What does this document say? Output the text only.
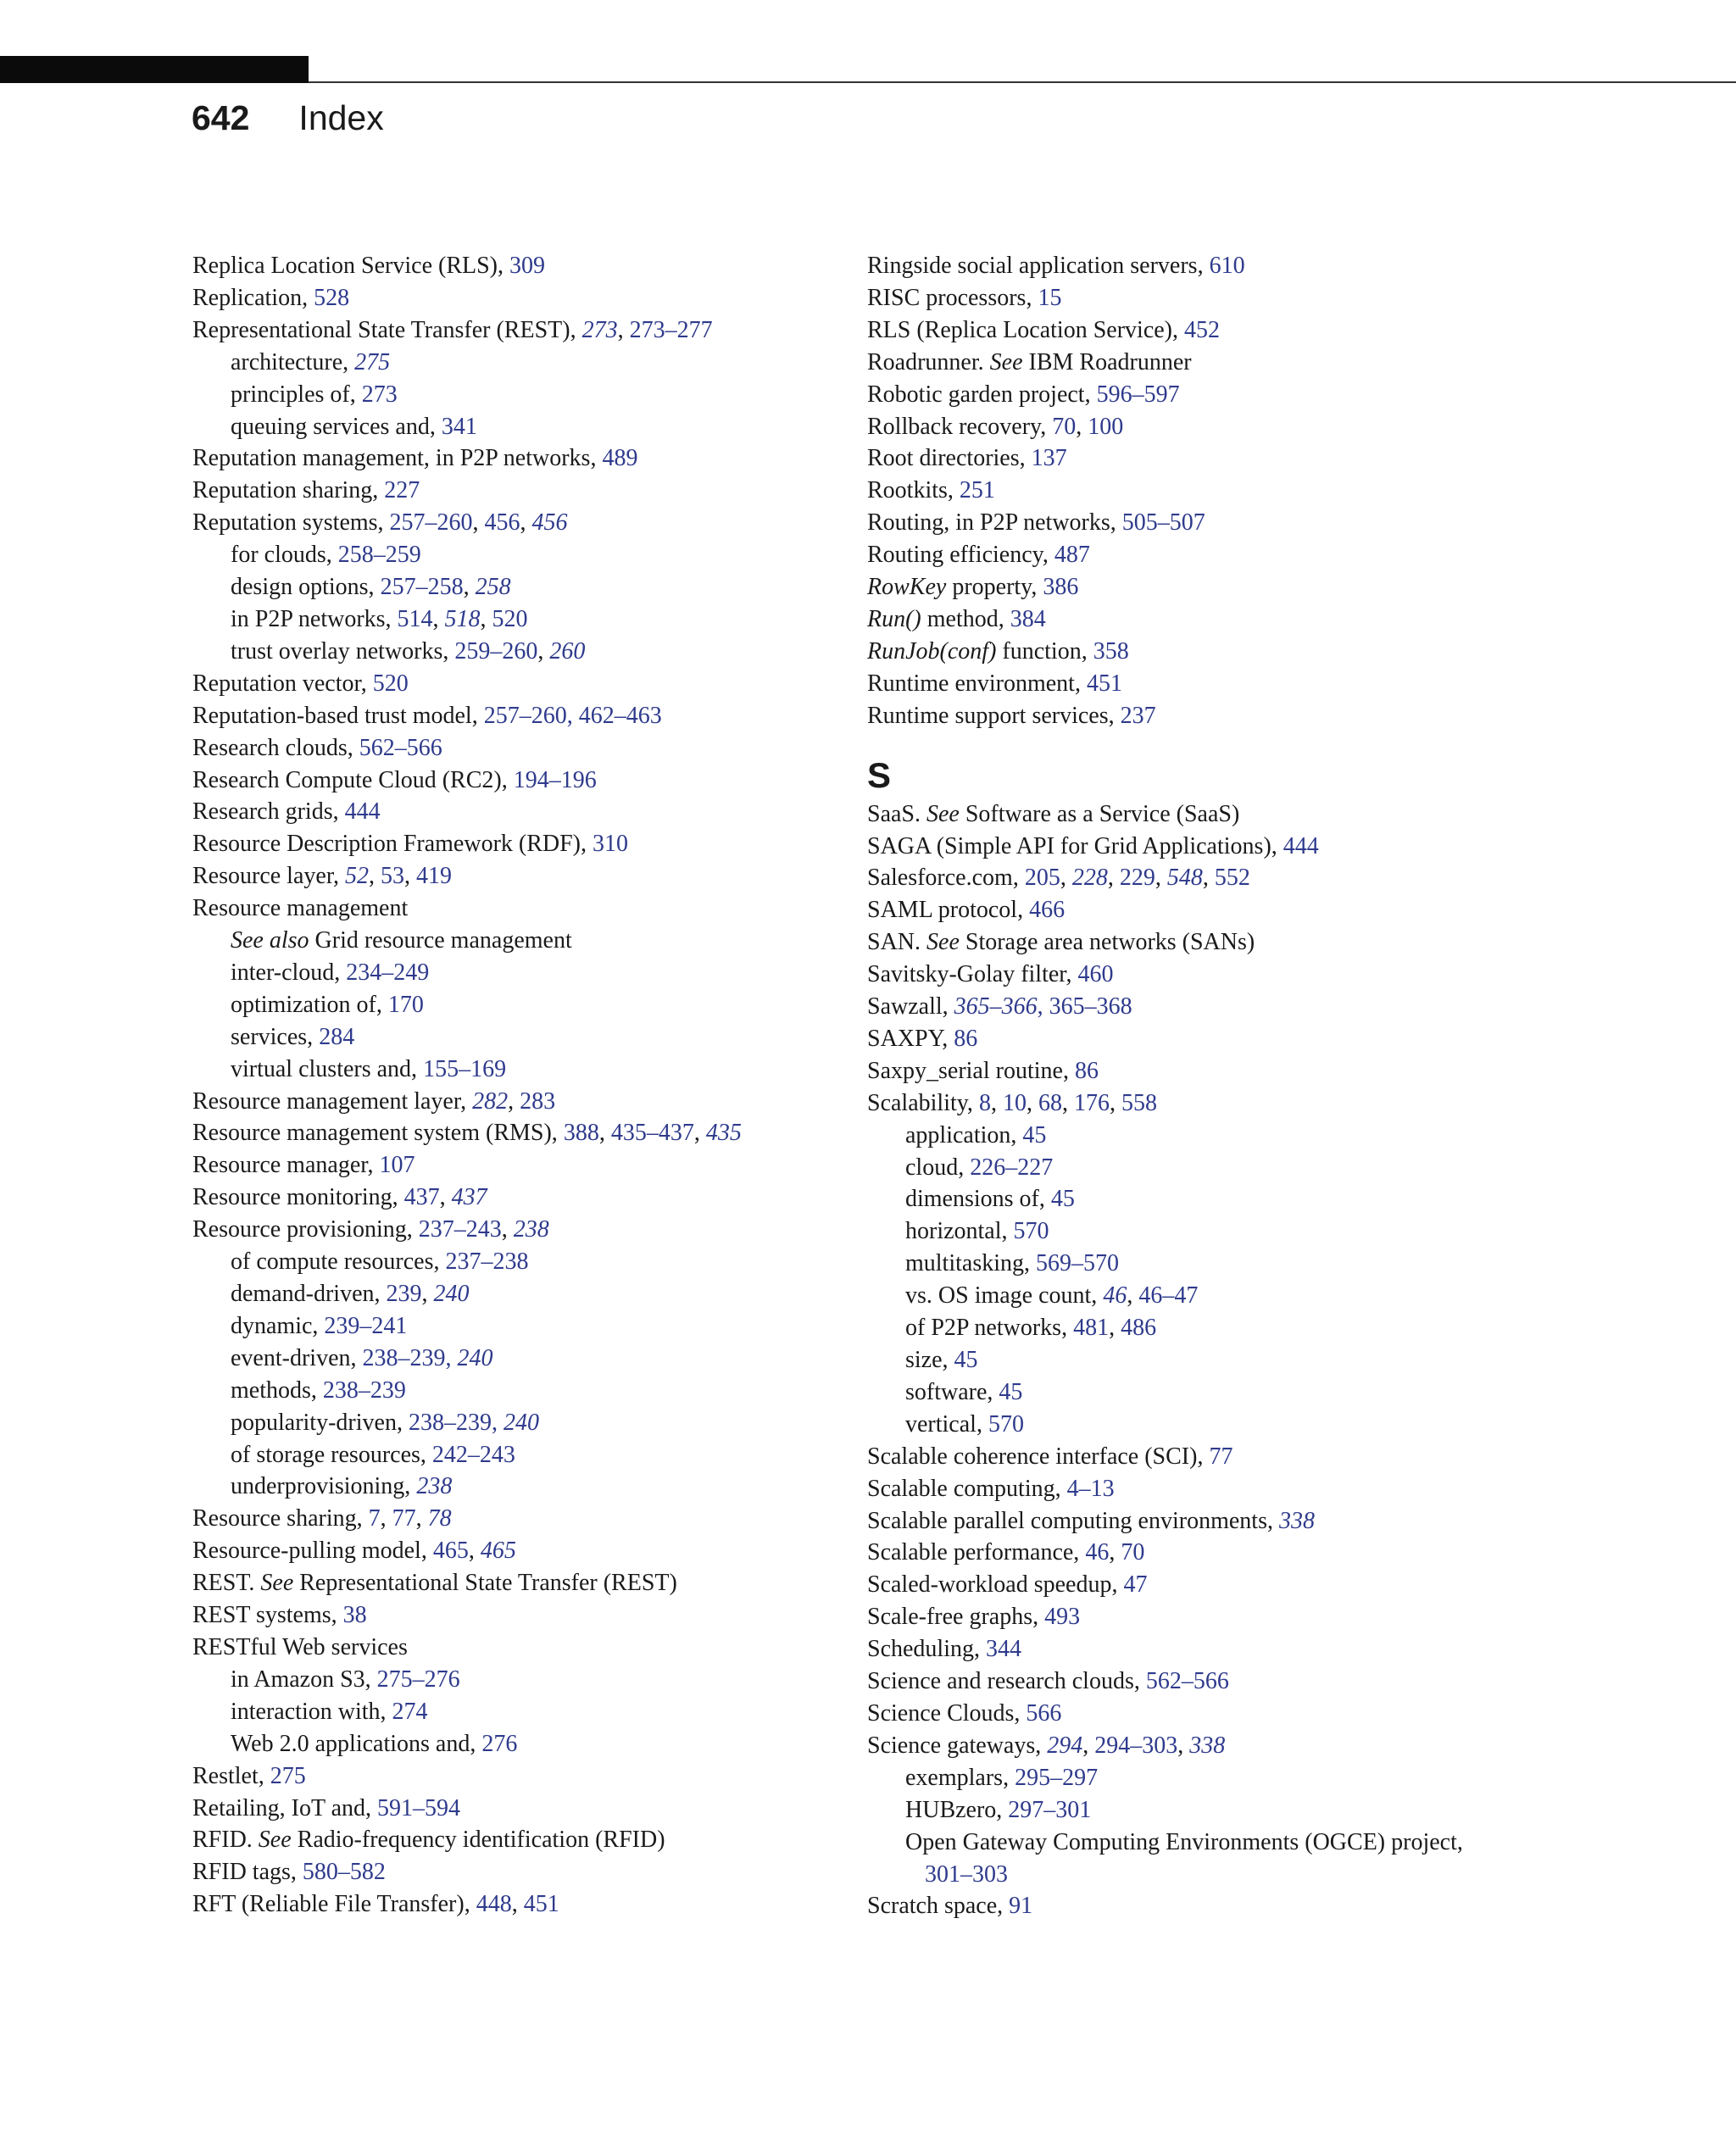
642 Index
Replica Location Service (RLS), 309
Replication, 528
Representational State Transfer (REST), 273, 273–277
architecture, 275
principles of, 273
queuing services and, 341
Reputation management, in P2P networks, 489
Reputation sharing, 227
Reputation systems, 257–260, 456, 456
for clouds, 258–259
design options, 257–258, 258
in P2P networks, 514, 518, 520
trust overlay networks, 259–260, 260
Reputation vector, 520
Reputation-based trust model, 257–260, 462–463
Research clouds, 562–566
Research Compute Cloud (RC2), 194–196
Research grids, 444
Resource Description Framework (RDF), 310
Resource layer, 52, 53, 419
Resource management
See also Grid resource management
inter-cloud, 234–249
optimization of, 170
services, 284
virtual clusters and, 155–169
Resource management layer, 282, 283
Resource management system (RMS), 388, 435–437, 435
Resource manager, 107
Resource monitoring, 437, 437
Resource provisioning, 237–243, 238
of compute resources, 237–238
demand-driven, 239, 240
dynamic, 239–241
event-driven, 238–239, 240
methods, 238–239
popularity-driven, 238–239, 240
of storage resources, 242–243
underprovisioning, 238
Resource sharing, 7, 77, 78
Resource-pulling model, 465, 465
REST. See Representational State Transfer (REST)
REST systems, 38
RESTful Web services
in Amazon S3, 275–276
interaction with, 274
Web 2.0 applications and, 276
Restlet, 275
Retailing, IoT and, 591–594
RFID. See Radio-frequency identification (RFID)
RFID tags, 580–582
RFT (Reliable File Transfer), 448, 451
Ringside social application servers, 610
RISC processors, 15
RLS (Replica Location Service), 452
Roadrunner. See IBM Roadrunner
Robotic garden project, 596–597
Rollback recovery, 70, 100
Root directories, 137
Rootkits, 251
Routing, in P2P networks, 505–507
Routing efficiency, 487
RowKey property, 386
Run() method, 384
RunJob(conf) function, 358
Runtime environment, 451
Runtime support services, 237
S
SaaS. See Software as a Service (SaaS)
SAGA (Simple API for Grid Applications), 444
Salesforce.com, 205, 228, 229, 548, 552
SAML protocol, 466
SAN. See Storage area networks (SANs)
Savitsky-Golay filter, 460
Sawzall, 365–366, 365–368
SAXPY, 86
Saxpy_serial routine, 86
Scalability, 8, 10, 68, 176, 558
application, 45
cloud, 226–227
dimensions of, 45
horizontal, 570
multitasking, 569–570
vs. OS image count, 46, 46–47
of P2P networks, 481, 486
size, 45
software, 45
vertical, 570
Scalable coherence interface (SCI), 77
Scalable computing, 4–13
Scalable parallel computing environments, 338
Scalable performance, 46, 70
Scaled-workload speedup, 47
Scale-free graphs, 493
Scheduling, 344
Science and research clouds, 562–566
Science Clouds, 566
Science gateways, 294, 294–303, 338
exemplars, 295–297
HUBzero, 297–301
Open Gateway Computing Environments (OGCE) project,
301–303
Scratch space, 91
